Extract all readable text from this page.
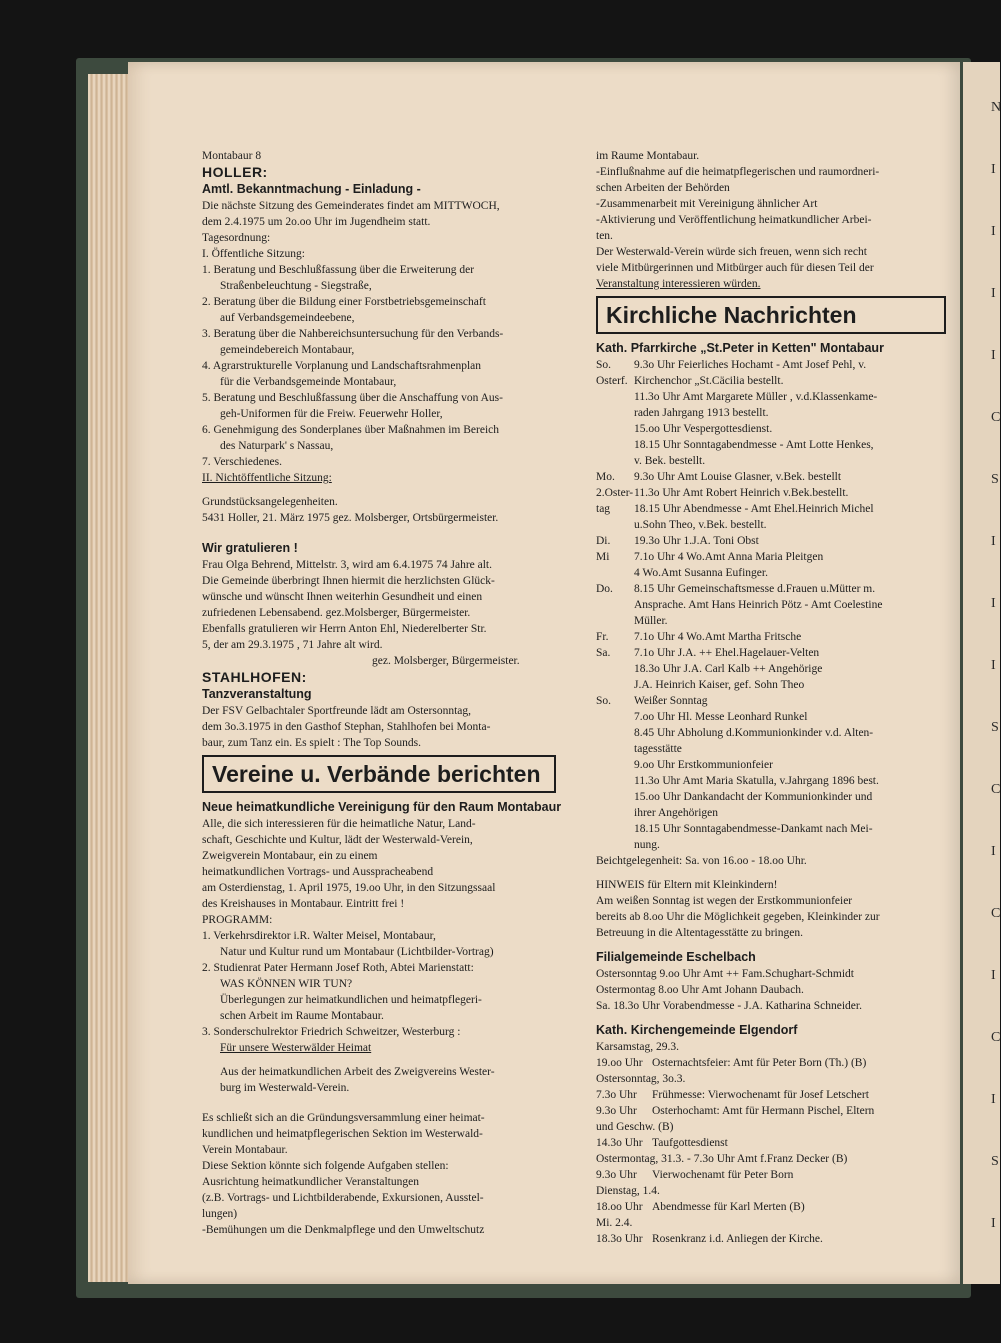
N
I
I
I
I
C
S
I
I
I
S
C
I
C
I
C
I
S
I

Montabaur 8

HOLLER:

Amtl. Bekanntmachung - Einladung -

Die nächste Sitzung des Gemeinderates findet am MITTWOCH,

dem 2.4.1975 um 2o.oo Uhr im Jugendheim statt.

Tagesordnung:

I. Öffentliche Sitzung:

1. Beratung und Beschlußfassung über die Erweiterung der

Straßenbeleuchtung - Siegstraße,

2. Beratung über die Bildung einer Forstbetriebsgemeinschaft

auf Verbandsgemeindeebene,

3. Beratung über die Nahbereichsuntersuchung für den Verbands-

gemeindebereich Montabaur,

4. Agrarstrukturelle Vorplanung und Landschaftsrahmenplan

für die Verbandsgemeinde Montabaur,

5. Beratung und Beschlußfassung über die Anschaffung von Aus-

geh-Uniformen für die Freiw. Feuerwehr Holler,

6. Genehmigung des Sonderplanes über Maßnahmen im Bereich

des Naturpark' s Nassau,

7. Verschiedenes.

II. Nichtöffentliche Sitzung:

Grundstücksangelegenheiten.

5431 Holler, 21. März 1975 gez. Molsberger, Ortsbürgermeister.

Wir gratulieren !

Frau Olga Behrend, Mittelstr. 3, wird am 6.4.1975 74 Jahre alt.

Die Gemeinde überbringt Ihnen hiermit die herzlichsten Glück-

wünsche und wünscht Ihnen weiterhin Gesundheit und einen

zufriedenen Lebensabend. gez.Molsberger, Bürgermeister.

Ebenfalls gratulieren wir Herrn Anton Ehl, Niederelberter Str.

5, der am 29.3.1975 , 71 Jahre alt wird.

gez. Molsberger, Bürgermeister.

STAHLHOFEN:

Tanzveranstaltung

Der FSV Gelbachtaler Sportfreunde lädt am Ostersonntag,

dem 3o.3.1975 in den Gasthof Stephan, Stahlhofen bei Monta-

baur, zum Tanz ein. Es spielt : The Top Sounds.

Vereine u. Verbände berichten

Neue heimatkundliche Vereinigung für den Raum Montabaur

Alle, die sich interessieren für die heimatliche Natur, Land-

schaft, Geschichte und Kultur, lädt der Westerwald-Verein,

Zweigverein Montabaur, ein zu einem

heimatkundlichen Vortrags- und Ausspracheabend

am Osterdienstag, 1. April 1975, 19.oo Uhr, in den Sitzungssaal

des Kreishauses in Montabaur. Eintritt frei !

PROGRAMM:

1. Verkehrsdirektor i.R. Walter Meisel, Montabaur,

Natur und Kultur rund um Montabaur (Lichtbilder-Vortrag)

2. Studienrat Pater Hermann Josef Roth, Abtei Marienstatt:

WAS KÖNNEN WIR TUN?

Überlegungen zur heimatkundlichen und heimatpflegeri-

schen Arbeit im Raume Montabaur.

3. Sonderschulrektor Friedrich Schweitzer, Westerburg :

Für unsere Westerwälder Heimat

Aus der heimatkundlichen Arbeit des Zweigvereins Wester-

burg im Westerwald-Verein.

Es schließt sich an die Gründungsversammlung einer heimat-

kundlichen und heimatpflegerischen Sektion im Westerwald-

Verein Montabaur.

Diese Sektion könnte sich folgende Aufgaben stellen:

Ausrichtung heimatkundlicher Veranstaltungen

(z.B. Vortrags- und Lichtbilderabende, Exkursionen, Ausstel-

lungen)

-Bemühungen um die Denkmalpflege und den Umweltschutz

im Raume Montabaur.

-Einflußnahme auf die heimatpflegerischen und raumordneri-

schen Arbeiten der Behörden

-Zusammenarbeit mit Vereinigung ähnlicher Art

-Aktivierung und Veröffentlichung heimatkundlicher Arbei-

ten.

Der Westerwald-Verein würde sich freuen, wenn sich recht

viele Mitbürgerinnen und Mitbürger auch für diesen Teil der

Veranstaltung interessieren würden.

Kirchliche Nachrichten

Kath. Pfarrkirche „St.Peter in Ketten" Montabaur

So.	9.3o Uhr Feierliches Hochamt - Amt Josef Pehl, v.
Osterf. Kirchenchor „St.Cäcilia bestellt.
11.3o Uhr Amt Margarete Müller , v.d.Klassenkame-
raden Jahrgang 1913 bestellt.
15.oo Uhr Vespergottesdienst.
18.15 Uhr Sonntagabendmesse - Amt Lotte Henkes,
v. Bek. bestellt.
Mo.	9.3o Uhr Amt Louise Glasner, v.Bek. bestellt
2.Oster- 11.3o Uhr Amt Robert Heinrich v.Bek.bestellt.
tag	18.15 Uhr Abendmesse - Amt Ehel.Heinrich Michel
u.Sohn Theo, v.Bek. bestellt.
Di.	19.3o Uhr 1.J.A. Toni Obst
Mi	7.1o Uhr 4 Wo.Amt Anna Maria Pleitgen
4 Wo.Amt Susanna Eufinger.
Do.	8.15 Uhr Gemeinschaftsmesse d.Frauen u.Mütter m.
Ansprache. Amt Hans Heinrich Pötz - Amt Coelestine
Müller.
Fr.	7.1o Uhr 4 Wo.Amt Martha Fritsche
Sa.	7.1o Uhr J.A. ++ Ehel.Hagelauer-Velten
18.3o Uhr J.A. Carl Kalb ++ Angehörige
J.A. Heinrich Kaiser, gef. Sohn Theo
So.	Weißer Sonntag
7.oo Uhr Hl. Messe Leonhard Runkel
8.45 Uhr Abholung d.Kommunionkinder v.d. Alten-
tagesstätte
9.oo Uhr Erstkommunionfeier
11.3o Uhr Amt Maria Skatulla, v.Jahrgang 1896 best.
15.oo Uhr Dankandacht der Kommunionkinder und
ihrer Angehörigen
18.15 Uhr Sonntagabendmesse-Dankamt nach Mei-
nung.

Beichtgelegenheit: Sa. von 16.oo - 18.oo Uhr.

HINWEIS für Eltern mit Kleinkindern!

Am weißen Sonntag ist wegen der Erstkommunionfeier

bereits ab 8.oo Uhr die Möglichkeit gegeben, Kleinkinder zur

Betreuung in die Altentagesstätte zu bringen.

Filialgemeinde Eschelbach

Ostersonntag 9.oo Uhr Amt ++ Fam.Schughart-Schmidt

Ostermontag 8.oo Uhr Amt Johann Daubach.

Sa. 18.3o Uhr Vorabendmesse - J.A. Katharina Schneider.

Kath. Kirchengemeinde Elgendorf

Karsamstag, 29.3.
19.oo Uhr Osternachtsfeier: Amt für Peter Born (Th.) (B)
Ostersonntag, 3o.3.
7.3o Uhr	Frühmesse: Vierwochenamt für Josef Letschert
9.3o Uhr	Osterhochamt: Amt für Hermann Pischel, Eltern
und Geschw. (B)
14.3o Uhr Taufgottesdienst
Ostermontag, 31.3. - 7.3o Uhr Amt f.Franz Decker (B)
9.3o Uhr	Vierwochenamt für Peter Born
Dienstag, 1.4.
18.oo Uhr Abendmesse für Karl Merten (B)
Mi. 2.4.
18.3o Uhr Rosenkranz i.d. Anliegen der Kirche.
